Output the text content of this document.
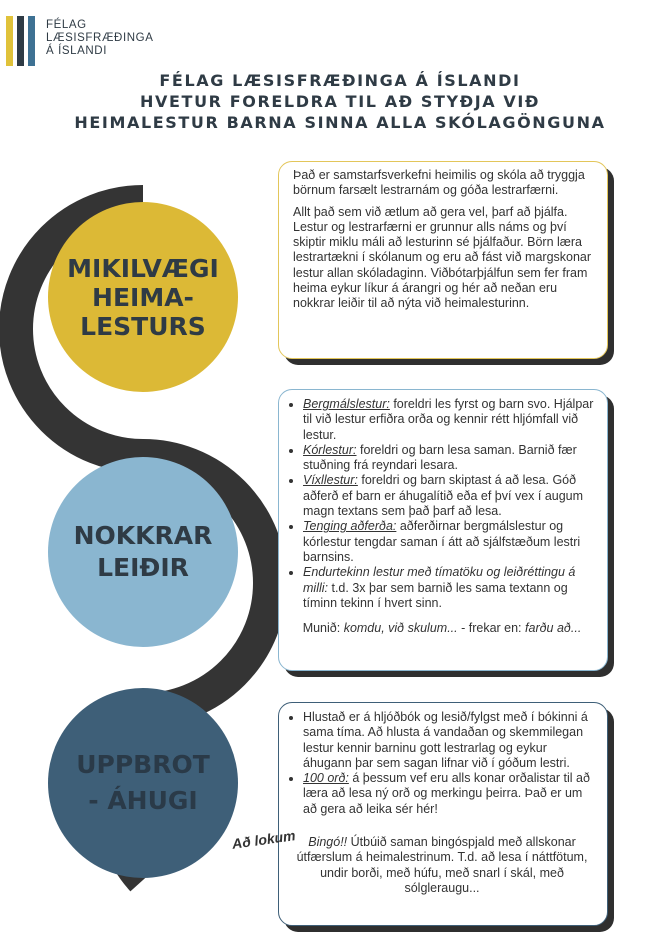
FÉLAG
LÆSISFRÆÐINGA
Á ÍSLANDI
FÉLAG LÆSISFRÆÐINGA Á ÍSLANDI
HVETUR FORELDRA TIL AÐ STYÐJA VIÐ
HEIMALESTUR BARNA SINNA ALLA SKÓLAGÖNGUNA
MIKILVÆGI
HEIMA-
LESTURS
NOKKRAR
LEIÐIR
UPPBROT
- ÁHUGI

Það er samstarfsverkefni heimilis og skóla að tryggja börnum farsælt lestrarnám og góða lestrarfærni.

Allt það sem við ætlum að gera vel, þarf að þjálfa. Lestur og lestrarfærni er grunnur alls náms og því skiptir miklu máli að lesturinn sé þjálfaður. Börn læra lestrartækni í skólanum og eru að fást við margskonar lestur allan skóladaginn. Viðbótarþjálfun sem fer fram heima eykur líkur á árangri og hér að neðan eru nokkrar leiðir til að nýta við heimalesturinn.

• Bergmálslestur: foreldri les fyrst og barn svo. Hjálpar til við lestur erfiðra orða og kennir rétt hljómfall við lestur.
• Kórlestur: foreldri og barn lesa saman. Barnið fær stuðning frá reyndari lesara.
• Víxllestur: foreldri og barn skiptast á að lesa. Góð aðferð ef barn er áhugalítið eða ef því vex í augum magn textans sem það þarf að lesa.
• Tenging aðferða: aðferðirnar bergmálslestur og kórlestur tengdar saman í átt að sjálfstæðum lestri barnsins.
• Endurtekinn lestur með tímatöku og leiðréttingu á milli: t.d. 3x þar sem barnið les sama textann og tíminn tekinn í hvert sinn.

Munið: komdu, við skulum... - frekar en: farðu að...

• Hlustað er á hljóðbók og lesið/fylgst með í bókinni á sama tíma. Að hlusta á vandaðan og skemmilegan lestur kennir barninu gott lestrarlag og eykur áhugann þar sem sagan lifnar við í góðum lestri.
• 100 orð: á þessum vef eru alls konar orðalistar til að læra að lesa ný orð og merkingu þeirra. Það er um að gera að leika sér hér!

Bingó!! Útbúið saman bingóspjald með allskonar útfærslum á heimalestrinum. T.d. að lesa í náttfötum, undir borði, með húfu, með snarl í skál, með sólgleraugu...

Að lokum
